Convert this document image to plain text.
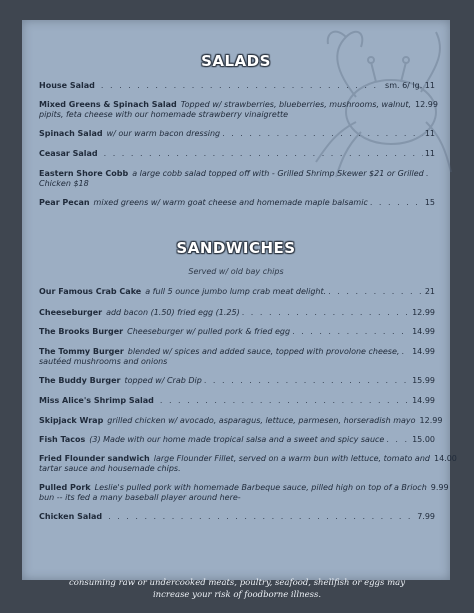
SALADS
House Salad . . .	sm. 6/ lg. 11
Mixed Greens & Spinach Salad Topped w/ strawberries, blueberries, mushrooms, walnut, 12.99
pipits, feta cheese with our homemade strawberry vinaigrette
Spinach Salad w/ our warm bacon dressing . . .	11
Ceasar Salad . . .	11
Eastern Shore Cobb a large cobb salad topped off with - Grilled Shrimp Skewer $21 or Grilled
. . .
Chicken $18
Pear Pecan mixed greens w/ warm goat cheese and homemade maple balsamic . . .	15
SANDWICHES
Served w/ old bay chips
Our Famous Crab Cake a full 5 ounce jumbo lump crab meat delight. . . .	21
Cheeseburger add bacon (1.50) fried egg (1.25) . . .	12.99
The Brooks Burger Cheeseburger w/ pulled pork & fried egg . . .	14.99
The Tommy Burger blended w/ spices and added sauce, topped with provolone cheese, . . . 14.99
sautéed mushrooms and onions
The Buddy Burger topped w/ Crab Dip . . .	15.99
Miss Alice's Shrimp Salad . . .	14.99
Skipjack Wrap grilled chicken w/ avocado, asparagus, lettuce, parmesen, horseradish mayo 12.99
Fish Tacos (3) Made with our home made tropical salsa and a sweet and spicy sauce . . .	15.00
Fried Flounder sandwich large Flounder Fillet, served on a warm bun with lettuce, tomato and 14.00
tartar sauce and housemade chips.
Pulled Pork Leslie's pulled pork with homemade Barbeque sauce, pilled high on top of a Brioch 9.99
bun -- its fed a many baseball player around here-
Chicken Salad . . .	7.99
consuming raw or undercooked meats, poultry, seafood, shellfish or eggs may
increase your risk of foodborne illness.
